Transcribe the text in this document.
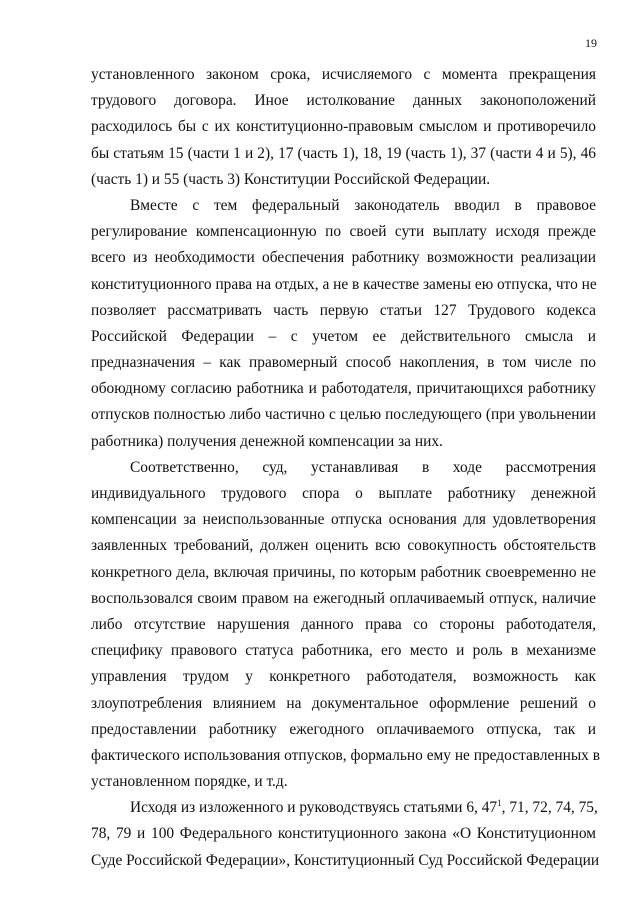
19
установленного законом срока, исчисляемого с момента прекращения
трудового договора. Иное истолкование данных законоположений
расходилось бы с их конституционно-правовым смыслом и противоречило
бы статьям 15 (части 1 и 2), 17 (часть 1), 18, 19 (часть 1), 37 (части 4 и 5), 46
(часть 1) и 55 (часть 3) Конституции Российской Федерации.
Вместе с тем федеральный законодатель вводил в правовое
регулирование компенсационную по своей сути выплату исходя прежде
всего из необходимости обеспечения работнику возможности реализации
конституционного права на отдых, а не в качестве замены ею отпуска, что не
позволяет рассматривать часть первую статьи 127 Трудового кодекса
Российской Федерации – с учетом ее действительного смысла и
предназначения – как правомерный способ накопления, в том числе по
обоюдному согласию работника и работодателя, причитающихся работнику
отпусков полностью либо частично с целью последующего (при увольнении
работника) получения денежной компенсации за них.
Соответственно, суд, устанавливая в ходе рассмотрения
индивидуального трудового спора о выплате работнику денежной
компенсации за неиспользованные отпуска основания для удовлетворения
заявленных требований, должен оценить всю совокупность обстоятельств
конкретного дела, включая причины, по которым работник своевременно не
воспользовался своим правом на ежегодный оплачиваемый отпуск, наличие
либо отсутствие нарушения данного права со стороны работодателя,
специфику правового статуса работника, его место и роль в механизме
управления трудом у конкретного работодателя, возможность как
злоупотребления влиянием на документальное оформление решений о
предоставлении работнику ежегодного оплачиваемого отпуска, так и
фактического использования отпусков, формально ему не предоставленных в
установленном порядке, и т.д.
Исходя из изложенного и руководствуясь статьями 6, $47^1$, 71, 72, 74, 75,
78, 79 и 100 Федерального конституционного закона «О Конституционном
Суде Российской Федерации», Конституционный Суд Российской Федерации
